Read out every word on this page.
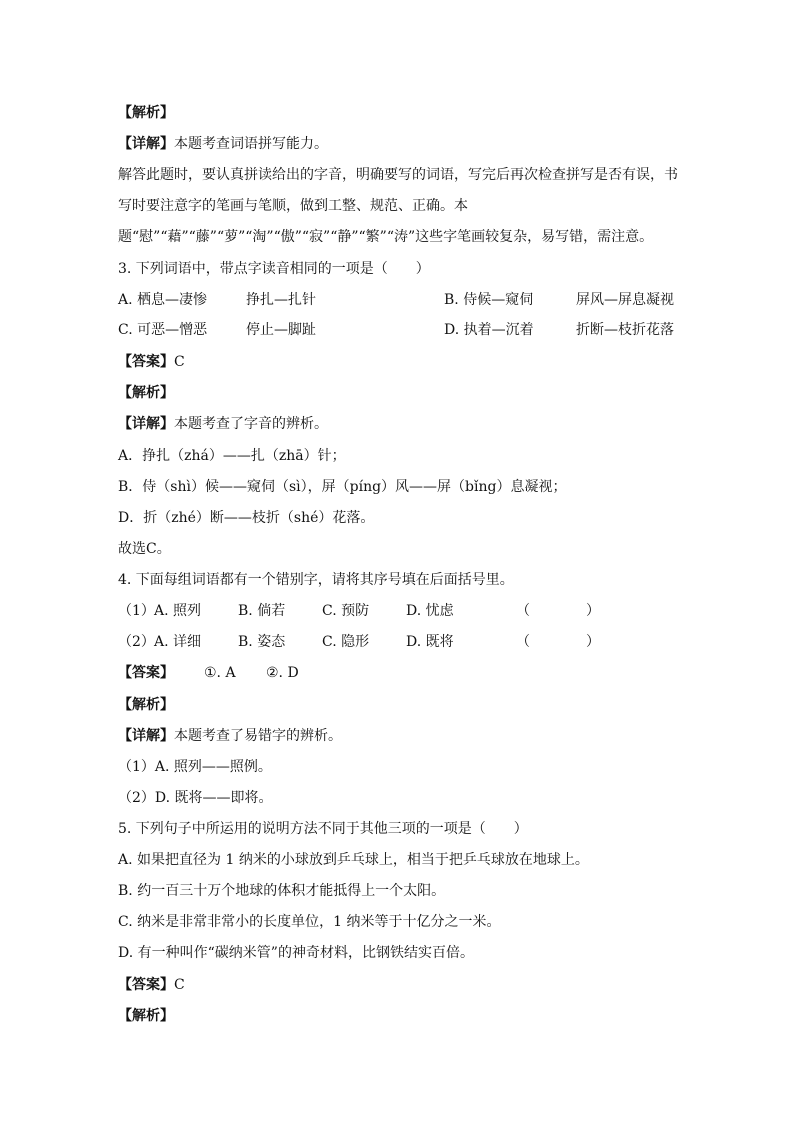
【解析】
【详解】本题考查词语拼写能力。
解答此题时，要认真拼读给出的字音，明确要写的词语，写完后再次检查拼写是否有误，书写时要注意字的笔画与笔顺，做到工整、规范、正确。本题“慰”“藉”“藤”“萝”“淘”“傲”“寂”“静”“繁”“涛”这些字笔画较复杂，易写错，需注意。
3. 下列词语中，带点字读音相同的一项是（　　）
A. 栖息—凄惨	挣扎—扎针	B. 侍候—窥伺	屏风—屏息凝视
C. 可恶—憎恶	停止—脚趾	D. 执着—沉着	折断—枝折花落
【答案】C
【解析】
【详解】本题考查了字音的辨析。
A．挣扎（zhá）——扎（zhā）针；
B．侍（shì）候——窥伺（sì），屏（píng）风——屏（bǐng）息凝视；
D．折（zhé）断——枝折（shé）花落。
故选C。
4. 下面每组词语都有一个错别字，请将其序号填在后面括号里。
（1） A. 照列	B. 倘若	C. 预防	D. 忧虑	（　　　　）
（2） A. 详细	B. 姿态	C. 隐形	D. 既将	（　　　　）
【答案】 ①. A ②. D
【解析】
【详解】本题考查了易错字的辨析。
（1）A. 照列——照例。
（2）D. 既将——即将。
5. 下列句子中所运用的说明方法不同于其他三项的一项是（　　）
A. 如果把直径为 1 纳米的小球放到乒乓球上，相当于把乒乓球放在地球上。
B. 约一百三十万个地球的体积才能抵得上一个太阳。
C. 纳米是非常非常小的长度单位，1 纳米等于十亿分之一米。
D. 有一种叫作“碳纳米管”的神奇材料，比钢铁结实百倍。
【答案】C
【解析】
